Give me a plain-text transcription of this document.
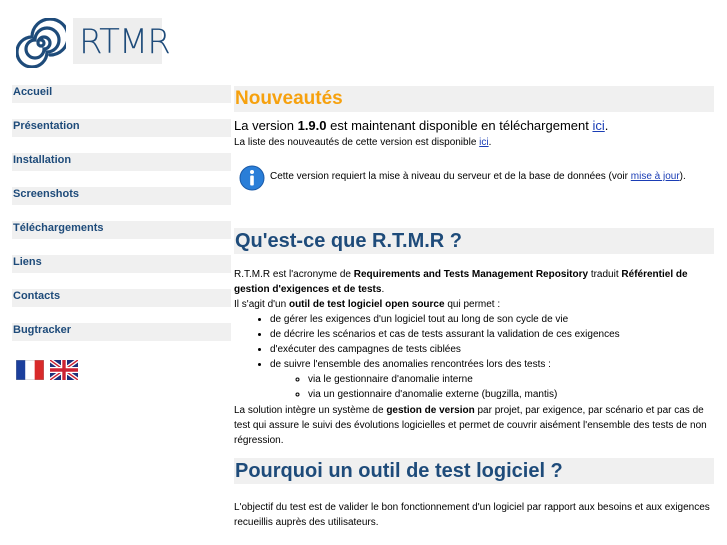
RTMR
Accueil
Présentation
Installation
Screenshots
Téléchargements
Liens
Contacts
Bugtracker

Nouveautés

La version 1.9.0 est maintenant disponible en téléchargement ici.

La liste des nouveautés de cette version est disponible ici.

Cette version requiert la mise à niveau du serveur et de la base de données (voir mise à jour).
Qu'est-ce que R.T.M.R ?
R.T.M.R est l'acronyme de Requirements and Tests Management Repository traduit Référentiel de gestion d'exigences et de tests.
Il s'agit d'un outil de test logiciel open source qui permet :
• de gérer les exigences d'un logiciel tout au long de son cycle de vie
• de décrire les scénarios et cas de tests assurant la validation de ces exigences
• d'exécuter des campagnes de tests ciblées
• de suivre l'ensemble des anomalies rencontrées lors des tests :
◦ via le gestionnaire d'anomalie interne
◦ via un gestionnaire d'anomalie externe (bugzilla, mantis)
La solution intègre un système de gestion de version par projet, par exigence, par scénario et par cas de test qui assure le suivi des évolutions logicielles et permet de couvrir aisément l'ensemble des tests de non régression.
Pourquoi un outil de test logiciel ?
L'objectif du test est de valider le bon fonctionnement d'un logiciel par rapport aux besoins et aux exigences recueillis auprès des utilisateurs.
